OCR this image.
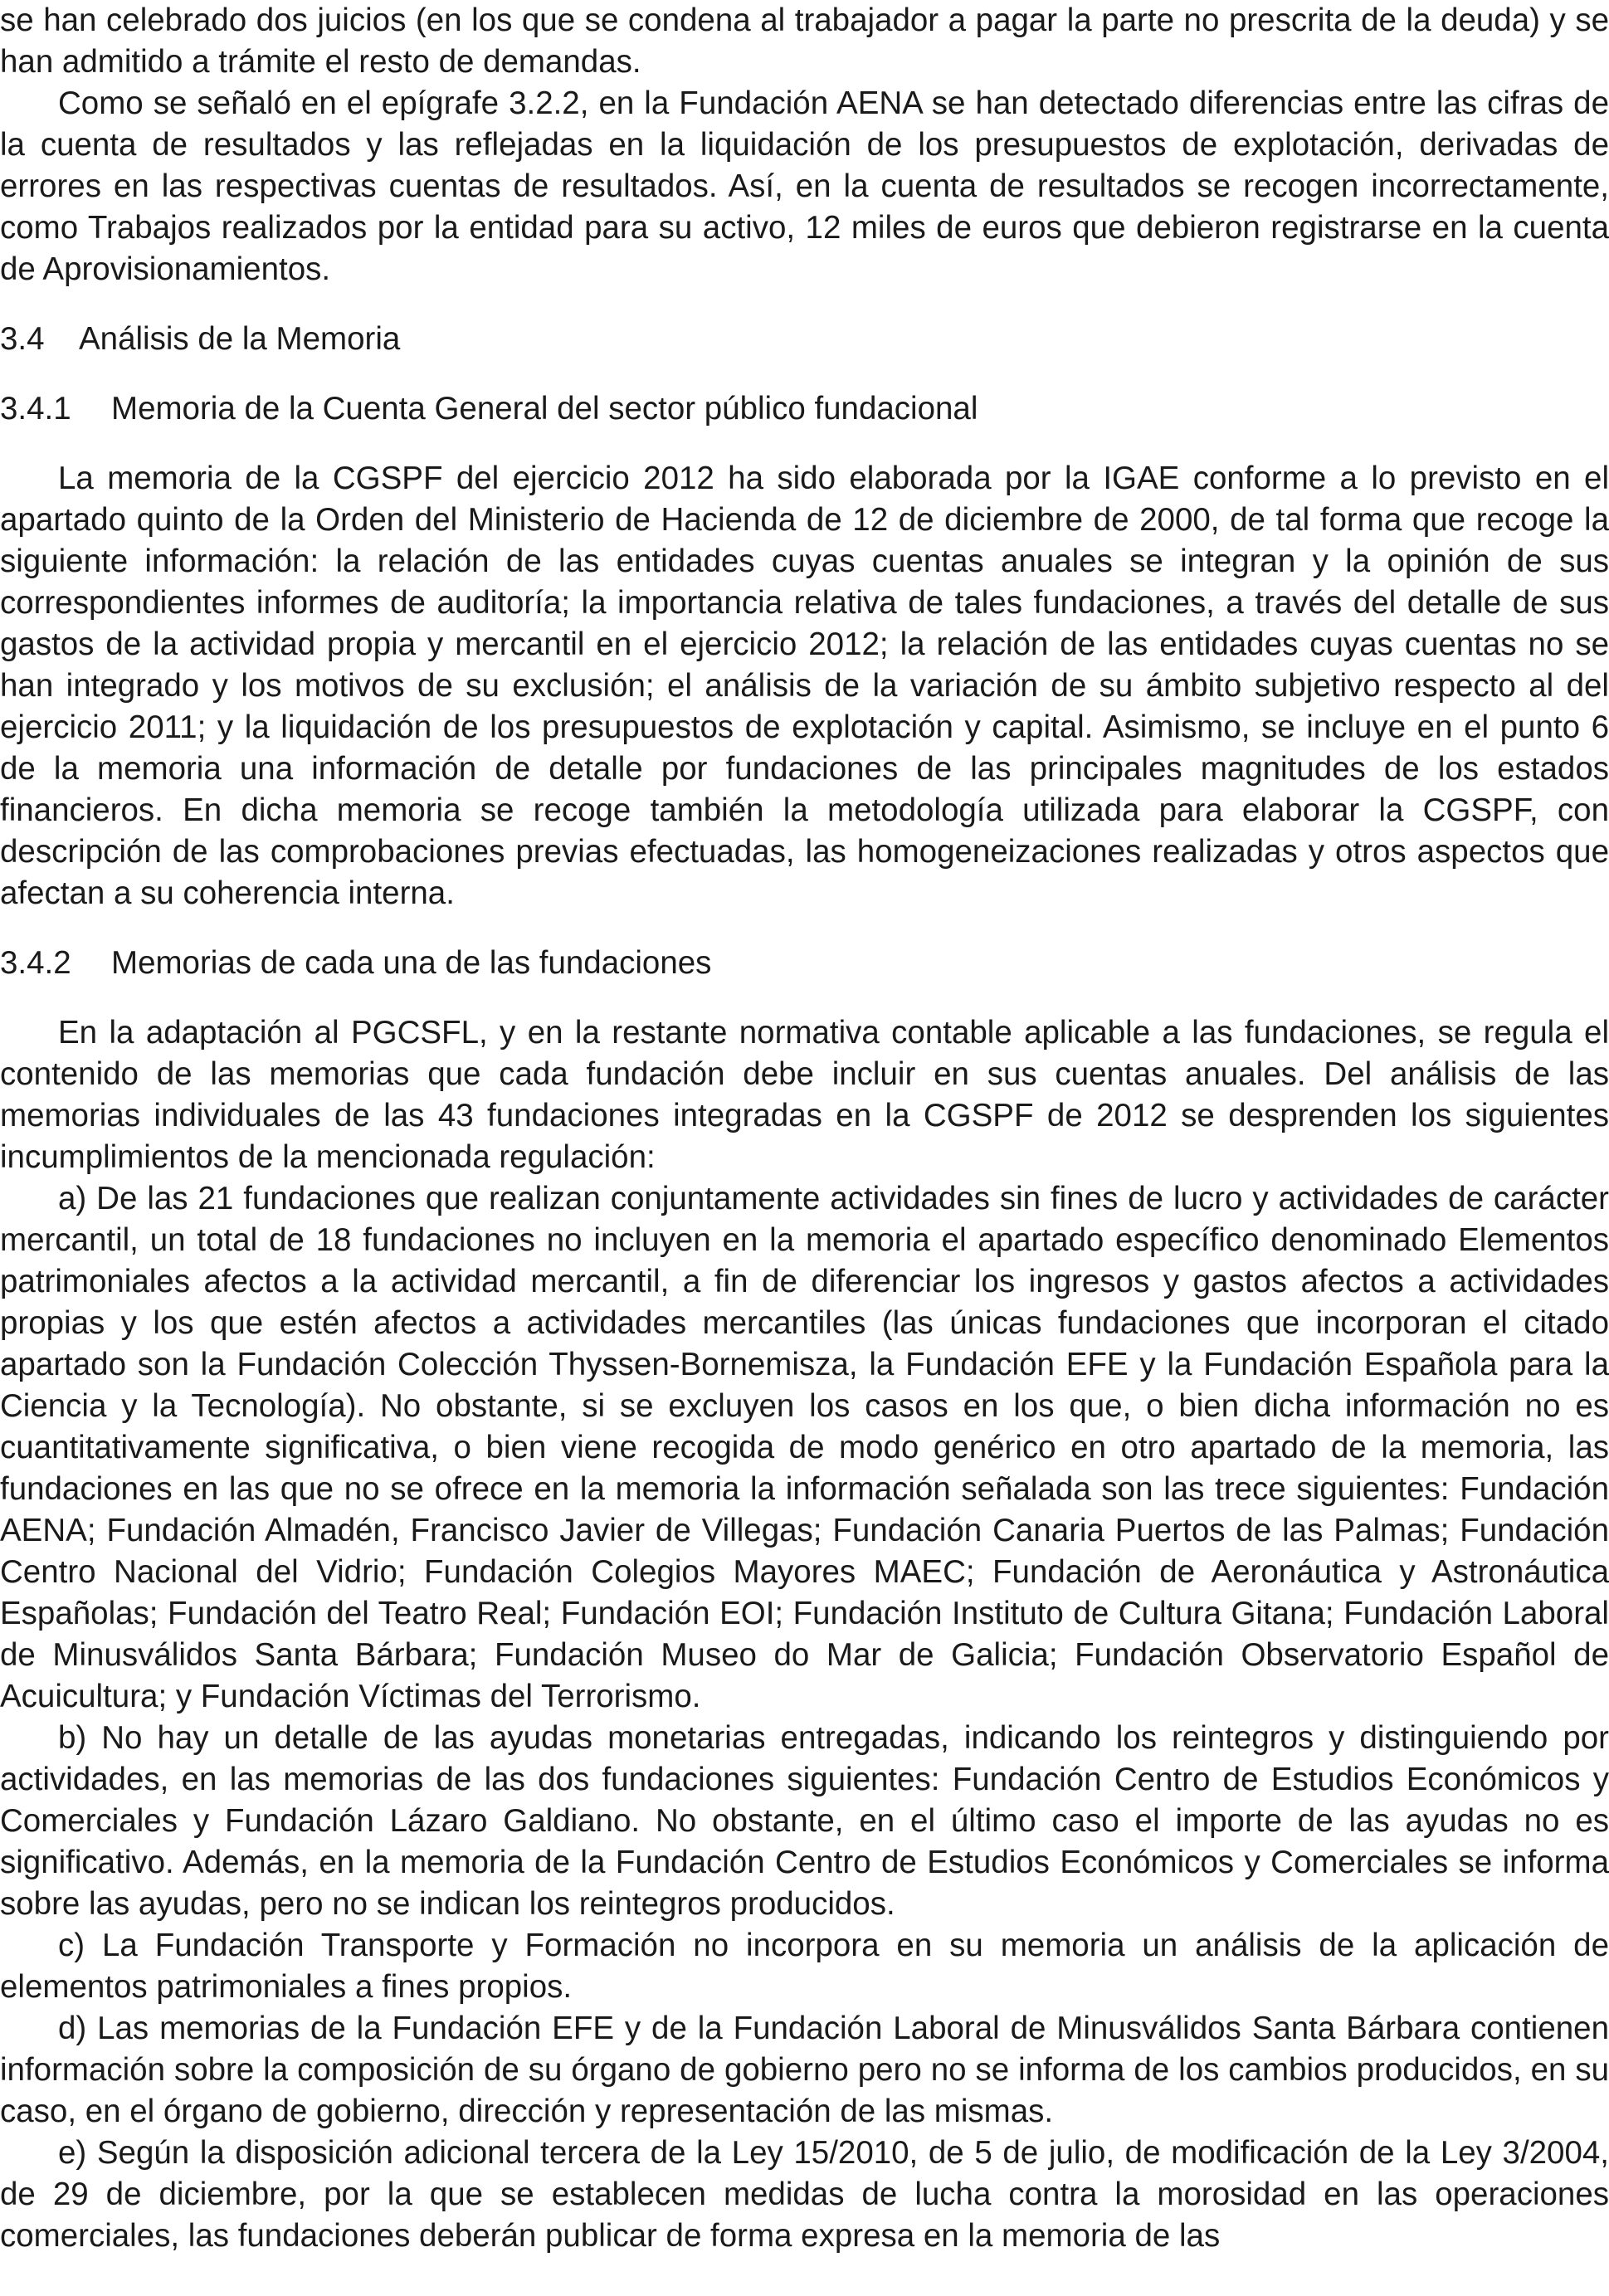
se han celebrado dos juicios (en los que se condena al trabajador a pagar la parte no prescrita de la deuda) y se han admitido a trámite el resto de demandas.

Como se señaló en el epígrafe 3.2.2, en la Fundación AENA se han detectado diferencias entre las cifras de la cuenta de resultados y las reflejadas en la liquidación de los presupuestos de explotación, derivadas de errores en las respectivas cuentas de resultados. Así, en la cuenta de resultados se recogen incorrectamente, como Trabajos realizados por la entidad para su activo, 12 miles de euros que debieron registrarse en la cuenta de Aprovisionamientos.

3.4 Análisis de la Memoria

3.4.1 Memoria de la Cuenta General del sector público fundacional

La memoria de la CGSPF del ejercicio 2012 ha sido elaborada por la IGAE conforme a lo previsto en el apartado quinto de la Orden del Ministerio de Hacienda de 12 de diciembre de 2000, de tal forma que recoge la siguiente información: la relación de las entidades cuyas cuentas anuales se integran y la opinión de sus correspondientes informes de auditoría; la importancia relativa de tales fundaciones, a través del detalle de sus gastos de la actividad propia y mercantil en el ejercicio 2012; la relación de las entidades cuyas cuentas no se han integrado y los motivos de su exclusión; el análisis de la variación de su ámbito subjetivo respecto al del ejercicio 2011; y la liquidación de los presupuestos de explotación y capital. Asimismo, se incluye en el punto 6 de la memoria una información de detalle por fundaciones de las principales magnitudes de los estados financieros. En dicha memoria se recoge también la metodología utilizada para elaborar la CGSPF, con descripción de las comprobaciones previas efectuadas, las homogeneizaciones realizadas y otros aspectos que afectan a su coherencia interna.

3.4.2 Memorias de cada una de las fundaciones

En la adaptación al PGCSFL, y en la restante normativa contable aplicable a las fundaciones, se regula el contenido de las memorias que cada fundación debe incluir en sus cuentas anuales. Del análisis de las memorias individuales de las 43 fundaciones integradas en la CGSPF de 2012 se desprenden los siguientes incumplimientos de la mencionada regulación:

a) De las 21 fundaciones que realizan conjuntamente actividades sin fines de lucro y actividades de carácter mercantil, un total de 18 fundaciones no incluyen en la memoria el apartado específico denominado Elementos patrimoniales afectos a la actividad mercantil, a fin de diferenciar los ingresos y gastos afectos a actividades propias y los que estén afectos a actividades mercantiles (las únicas fundaciones que incorporan el citado apartado son la Fundación Colección Thyssen-Bornemisza, la Fundación EFE y la Fundación Española para la Ciencia y la Tecnología). No obstante, si se excluyen los casos en los que, o bien dicha información no es cuantitativamente significativa, o bien viene recogida de modo genérico en otro apartado de la memoria, las fundaciones en las que no se ofrece en la memoria la información señalada son las trece siguientes: Fundación AENA; Fundación Almadén, Francisco Javier de Villegas; Fundación Canaria Puertos de las Palmas; Fundación Centro Nacional del Vidrio; Fundación Colegios Mayores MAEC; Fundación de Aeronáutica y Astronáutica Españolas; Fundación del Teatro Real; Fundación EOI; Fundación Instituto de Cultura Gitana; Fundación Laboral de Minusválidos Santa Bárbara; Fundación Museo do Mar de Galicia; Fundación Observatorio Español de Acuicultura; y Fundación Víctimas del Terrorismo.

b) No hay un detalle de las ayudas monetarias entregadas, indicando los reintegros y distinguiendo por actividades, en las memorias de las dos fundaciones siguientes: Fundación Centro de Estudios Económicos y Comerciales y Fundación Lázaro Galdiano. No obstante, en el último caso el importe de las ayudas no es significativo. Además, en la memoria de la Fundación Centro de Estudios Económicos y Comerciales se informa sobre las ayudas, pero no se indican los reintegros producidos.

c) La Fundación Transporte y Formación no incorpora en su memoria un análisis de la aplicación de elementos patrimoniales a fines propios.

d) Las memorias de la Fundación EFE y de la Fundación Laboral de Minusválidos Santa Bárbara contienen información sobre la composición de su órgano de gobierno pero no se informa de los cambios producidos, en su caso, en el órgano de gobierno, dirección y representación de las mismas.

e) Según la disposición adicional tercera de la Ley 15/2010, de 5 de julio, de modificación de la Ley 3/2004, de 29 de diciembre, por la que se establecen medidas de lucha contra la morosidad en las operaciones comerciales, las fundaciones deberán publicar de forma expresa en la memoria de las
